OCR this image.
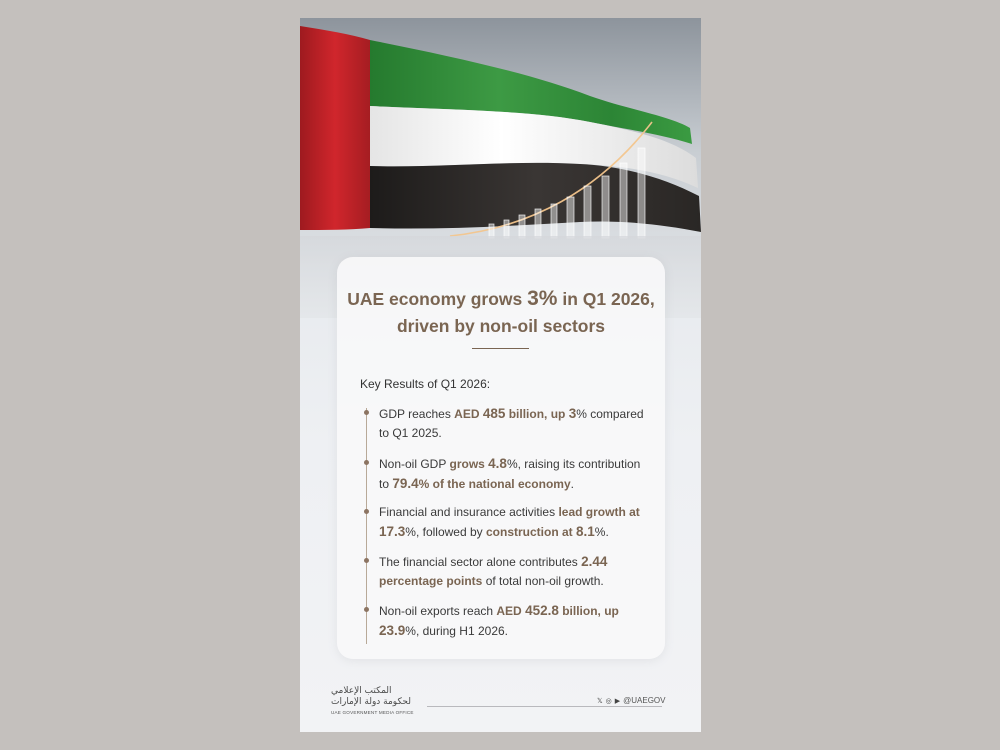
UAE economy grows 3% in Q1 2026, driven by non-oil sectors

Key Results of Q1 2026:

GDP reaches AED 485 billion, up 3% compared to Q1 2025.
Non-oil GDP grows 4.8%, raising its contribution to 79.4% of the national economy.
Financial and insurance activities lead growth at 17.3%, followed by construction at 8.1%.
The financial sector alone contributes 2.44 percentage points of total non-oil growth.
Non-oil exports reach AED 452.8 billion, up 23.9%, during H1 2026.
المكتب الإعلامي
لحكومة دولة الإمارات
UAE GOVERNMENT MEDIA OFFICE
𝕏 ◎ ▶ @UAEGOV
